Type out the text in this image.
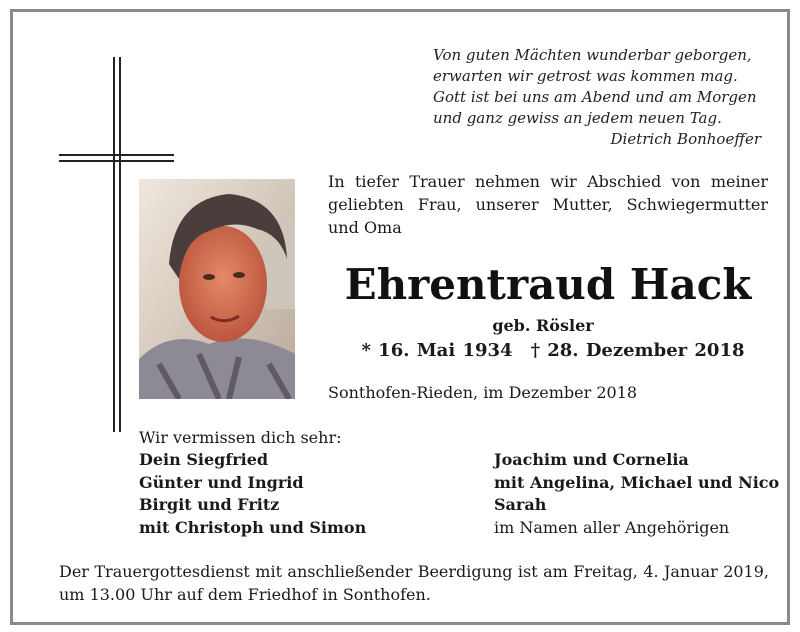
Von guten Mächten wunderbar geborgen,
erwarten wir getrost was kommen mag.
Gott ist bei uns am Abend und am Morgen
und ganz gewiss an jedem neuen Tag.
Dietrich Bonhoeffer
In tiefer Trauer nehmen wir Abschied von meiner geliebten Frau, unserer Mutter, Schwiegermutter und Oma
Ehrentraud Hack
geb. Rösler
* 16. Mai 1934 † 28. Dezember 2018
Sonthofen-Rieden, im Dezember 2018
Wir vermissen dich sehr:
Dein Siegfried
Günter und Ingrid
Birgit und Fritz
mit Christoph und Simon
Joachim und Cornelia
mit Angelina, Michael und Nico
Sarah
im Namen aller Angehörigen
Der Trauergottesdienst mit anschließender Beerdigung ist am Freitag, 4. Januar 2019, um 13.00 Uhr auf dem Friedhof in Sonthofen.
